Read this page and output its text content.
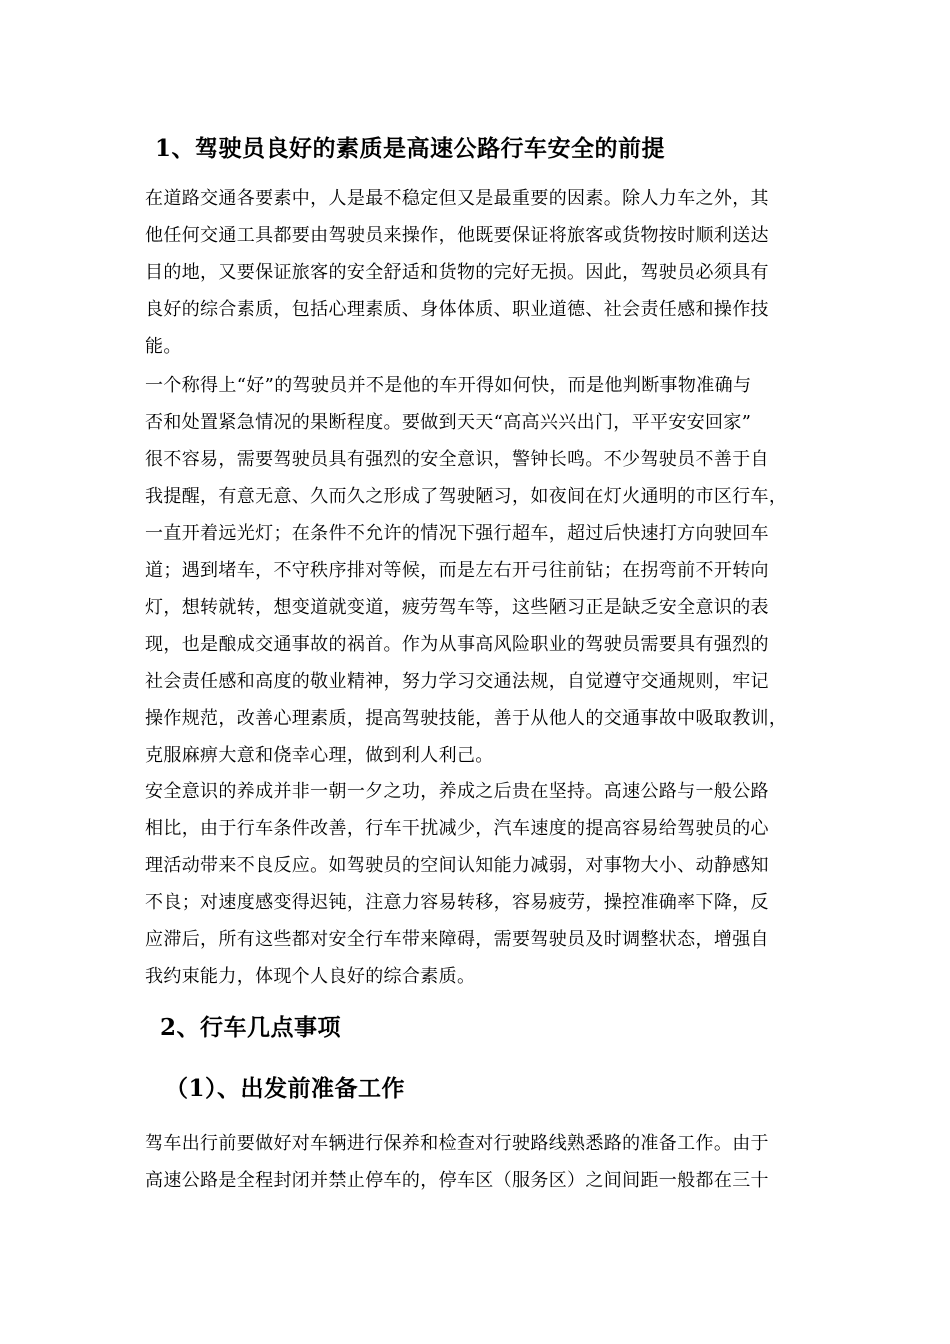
1、驾驶员良好的素质是高速公路行车安全的前提
在道路交通各要素中，人是最不稳定但又是最重要的因素。除人力车之外，其
他任何交通工具都要由驾驶员来操作，他既要保证将旅客或货物按时顺利送达
目的地，又要保证旅客的安全舒适和货物的完好无损。因此，驾驶员必须具有
良好的综合素质，包括心理素质、身体体质、职业道德、社会责任感和操作技
能。
一个称得上“好”的驾驶员并不是他的车开得如何快，而是他判断事物准确与
否和处置紧急情况的果断程度。要做到天天“高高兴兴出门，平平安安回家”
很不容易，需要驾驶员具有强烈的安全意识，警钟长鸣。不少驾驶员不善于自
我提醒，有意无意、久而久之形成了驾驶陋习，如夜间在灯火通明的市区行车，
一直开着远光灯；在条件不允许的情况下强行超车，超过后快速打方向驶回车
道；遇到堵车，不守秩序排对等候，而是左右开弓往前钻；在拐弯前不开转向
灯，想转就转，想变道就变道，疲劳驾车等，这些陋习正是缺乏安全意识的表
现，也是酿成交通事故的祸首。作为从事高风险职业的驾驶员需要具有强烈的
社会责任感和高度的敬业精神，努力学习交通法规，自觉遵守交通规则，牢记
操作规范，改善心理素质，提高驾驶技能，善于从他人的交通事故中吸取教训，
克服麻痹大意和侥幸心理，做到利人利己。
安全意识的养成并非一朝一夕之功，养成之后贵在坚持。高速公路与一般公路
相比，由于行车条件改善，行车干扰减少，汽车速度的提高容易给驾驶员的心
理活动带来不良反应。如驾驶员的空间认知能力减弱，对事物大小、动静感知
不良；对速度感变得迟钝，注意力容易转移，容易疲劳，操控准确率下降，反
应滞后，所有这些都对安全行车带来障碍，需要驾驶员及时调整状态，增强自
我约束能力，体现个人良好的综合素质。
2、行车几点事项
（1）、出发前准备工作
驾车出行前要做好对车辆进行保养和检查对行驶路线熟悉路的准备工作。由于
高速公路是全程封闭并禁止停车的，停车区（服务区）之间间距一般都在三十
